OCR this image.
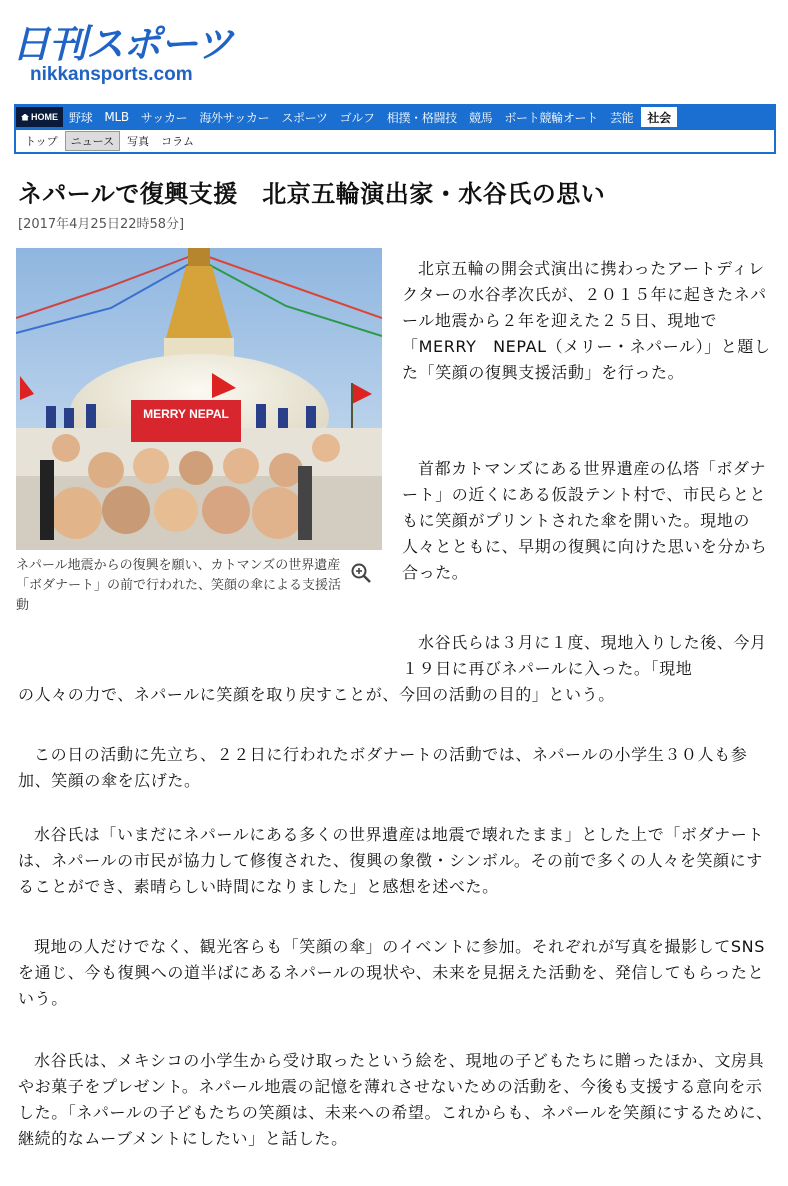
日刊スポーツ
nikkansports.com
HOME 野球	MLB	サッカー	海外サッカー	スポーツ	ゴルフ	相撲・格闘技	競馬	ボート競輪オート	芸能	社会
トップ	ニュース	写真	コラム
ネパールで復興支援　北京五輪演出家・水谷氏の思い
[2017年4月25日22時58分]
MERRY NEPAL
ネパール地震からの復興を願い、カトマンズの世界遺産「ボダナート」の前で行われた、笑顔の傘による支援活動

北京五輪の開会式演出に携わったアートディレクターの水谷孝次氏が、２０１５年に起きたネパール地震から２年を迎えた２５日、現地で「MERRY　NEPAL（メリー・ネパール）」と題した「笑顔の復興支援活動」を行った。

首都カトマンズにある世界遺産の仏塔「ボダナート」の近くにある仮設テント村で、市民らとともに笑顔がプリントされた傘を開いた。現地の人々とともに、早期の復興に向けた思いを分かち合った。

水谷氏らは３月に１度、現地入りした後、今月１９日に再びネパールに入った。「現地

の人々の力で、ネパールに笑顔を取り戻すことが、今回の活動の目的」という。

この日の活動に先立ち、２２日に行われたボダナートの活動では、ネパールの小学生３０人も参加、笑顔の傘を広げた。

水谷氏は「いまだにネパールにある多くの世界遺産は地震で壊れたまま」とした上で「ボダナートは、ネパールの市民が協力して修復された、復興の象徴・シンボル。その前で多くの人々を笑顔にすることができ、素晴らしい時間になりました」と感想を述べた。

現地の人だけでなく、観光客らも「笑顔の傘」のイベントに参加。それぞれが写真を撮影してSNSを通じ、今も復興への道半ばにあるネパールの現状や、未来を見据えた活動を、発信してもらったという。

水谷氏は、メキシコの小学生から受け取ったという絵を、現地の子どもたちに贈ったほか、文房具やお菓子をプレゼント。ネパール地震の記憶を薄れさせないための活動を、今後も支援する意向を示した。「ネパールの子どもたちの笑顔は、未来への希望。これからも、ネパールを笑顔にするために、継続的なムーブメントにしたい」と話した。
